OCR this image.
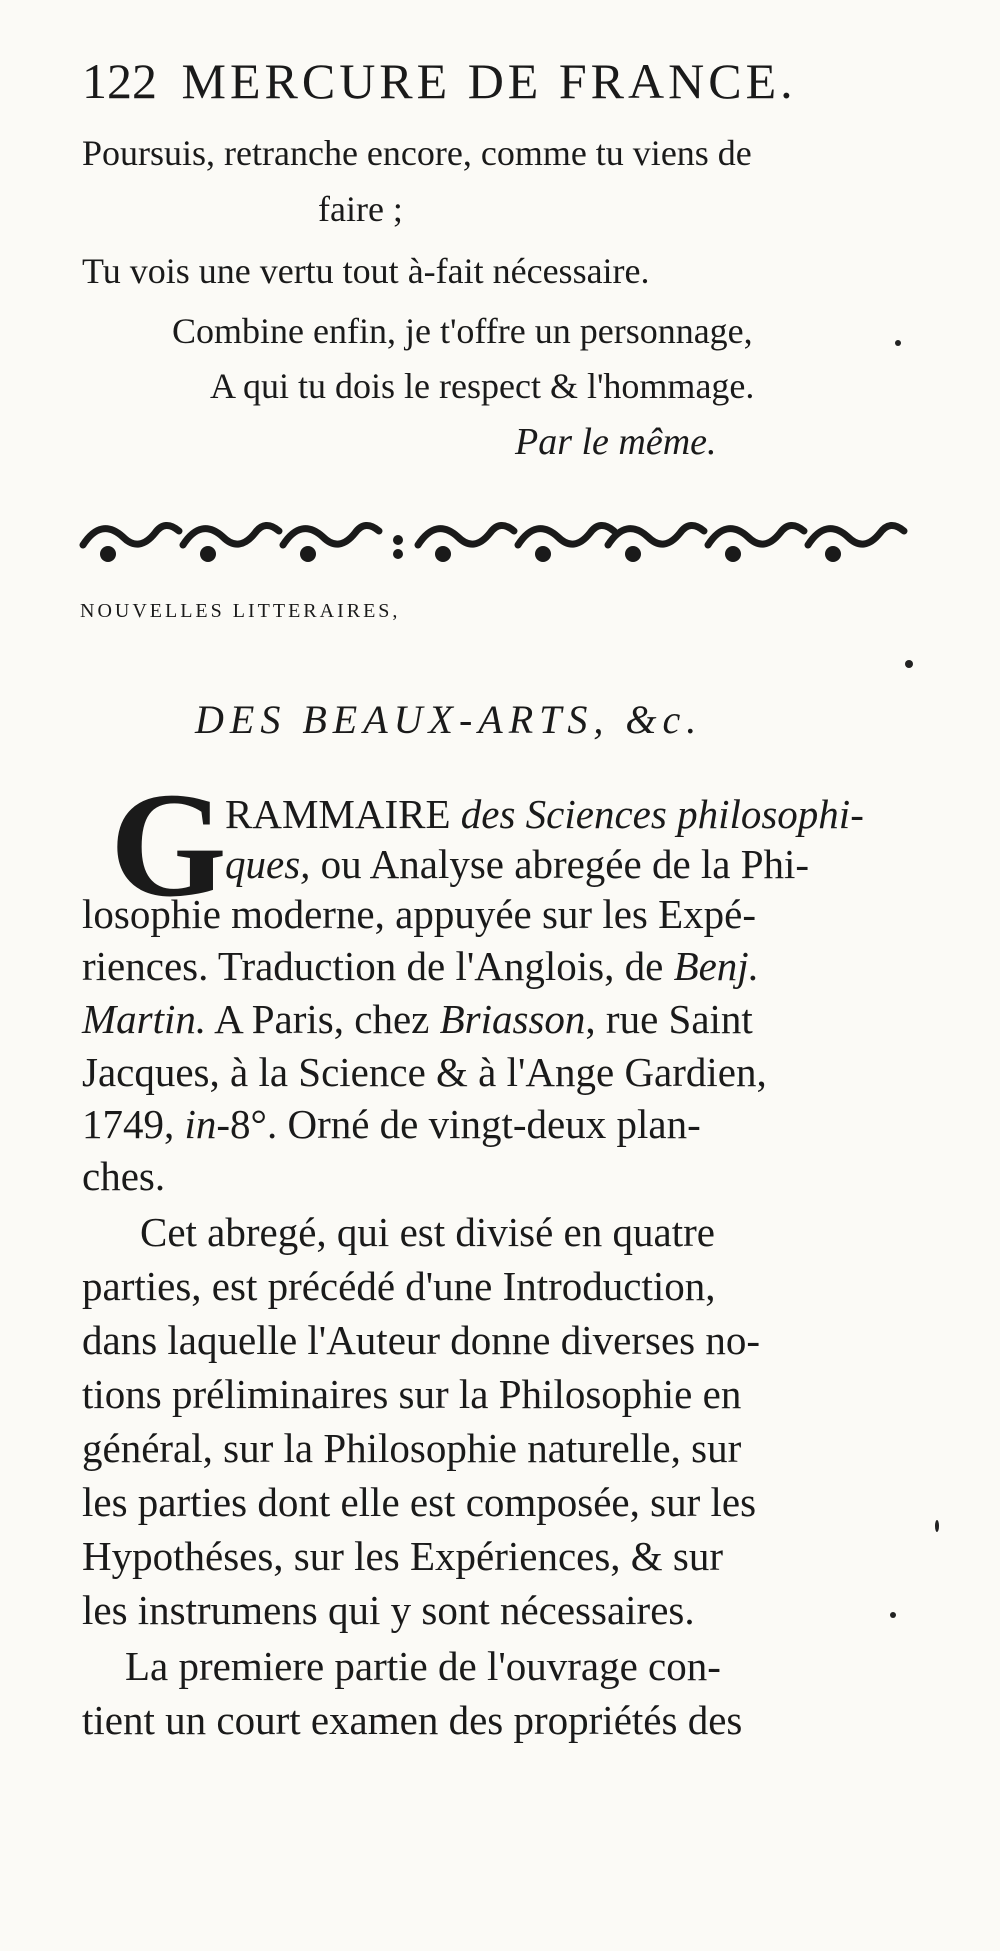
122 MERCURE DE FRANCE.
Poursuis, retranche encore, comme tu viens de
faire ;
Tu vois une vertu tout à-fait nécessaire.
Combine enfin, je t'offre un personnage,
A qui tu dois le respect & l'hommage.
Par le même.
NOUVELLES LITTERAIRES,
DES BEAUX-ARTS, &c.
G
RAMMAIRE des Sciences philosophi-
ques, ou Analyse abregée de la Phi-
losophie moderne, appuyée sur les Expé-
riences. Traduction de l'Anglois, de Benj.
Martin. A Paris, chez Briasson, rue Saint
Jacques, à la Science & à l'Ange Gardien,
1749, in-8°. Orné de vingt-deux plan-
ches.
Cet abregé, qui est divisé en quatre
parties, est précédé d'une Introduction,
dans laquelle l'Auteur donne diverses no-
tions préliminaires sur la Philosophie en
général, sur la Philosophie naturelle, sur
les parties dont elle est composée, sur les
Hypothéses, sur les Expériences, & sur
les instrumens qui y sont nécessaires.
La premiere partie de l'ouvrage con-
tient un court examen des propriétés des
